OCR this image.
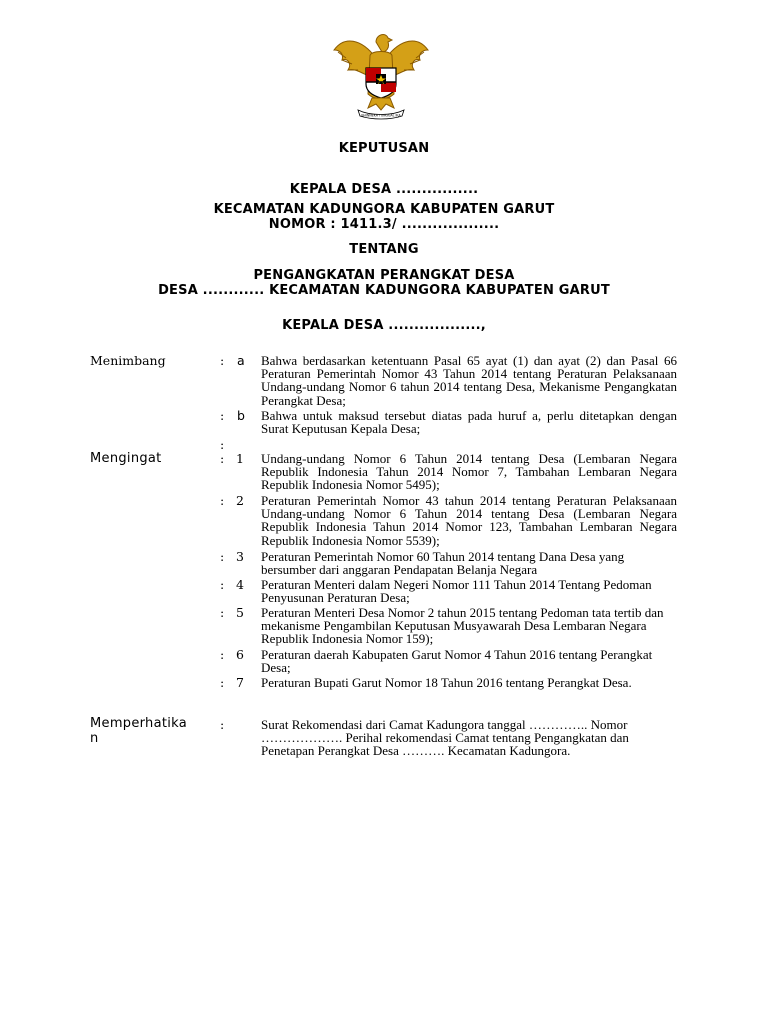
BHINNEKA TUNGGAL IKA
KEPUTUSAN
KEPALA DESA ................
KECAMATAN KADUNGORA KABUPATEN GARUT
NOMOR : 1411.3/ ...................
TENTANG
PENGANGKATAN PERANGKAT DESA
DESA ............ KECAMATAN KADUNGORA KABUPATEN GARUT
KEPALA DESA ..................,
Menimbang	: a Bahwa berdasarkan ketentuann Pasal 65 ayat (1) dan ayat (2) dan Pasal 66 Peraturan Pemerintah Nomor 43 Tahun 2014 tentang Peraturan Pelaksanaan Undang-undang Nomor 6 tahun 2014 tentang Desa, Mekanisme Pengangkatan Perangkat Desa;
: b Bahwa untuk maksud tersebut diatas pada huruf a, perlu ditetapkan dengan Surat Keputusan Kepala Desa;
:
Mengingat	: 1 Undang-undang Nomor 6 Tahun 2014 tentang Desa (Lembaran Negara Republik Indonesia Tahun 2014 Nomor 7, Tambahan Lembaran Negara Republik Indonesia Nomor 5495);
: 2 Peraturan Pemerintah Nomor 43 tahun 2014 tentang Peraturan Pelaksanaan Undang-undang Nomor 6 Tahun 2014 tentang Desa (Lembaran Negara Republik Indonesia Tahun 2014 Nomor 123, Tambahan Lembaran Negara Republik Indonesia Nomor 5539);
: 3 Peraturan Pemerintah Nomor 60 Tahun 2014 tentang Dana Desa yang bersumber dari anggaran Pendapatan Belanja Negara
: 4 Peraturan Menteri dalam Negeri Nomor 111 Tahun 2014 Tentang Pedoman Penyusunan Peraturan Desa;
: 5 Peraturan Menteri Desa Nomor 2 tahun 2015 tentang Pedoman tata tertib dan mekanisme Pengambilan Keputusan Musyawarah Desa Lembaran Negara Republik Indonesia Nomor 159);
: 6 Peraturan daerah Kabupaten Garut Nomor 4 Tahun 2016 tentang Perangkat Desa;
: 7 Peraturan Bupati Garut Nomor 18 Tahun 2016 tentang Perangkat Desa.
Memperhatika
n
:	Surat Rekomendasi dari Camat Kadungora tanggal ………….. Nomor ………………. Perihal rekomendasi Camat tentang Pengangkatan dan Penetapan Perangkat Desa ………. Kecamatan Kadungora.
